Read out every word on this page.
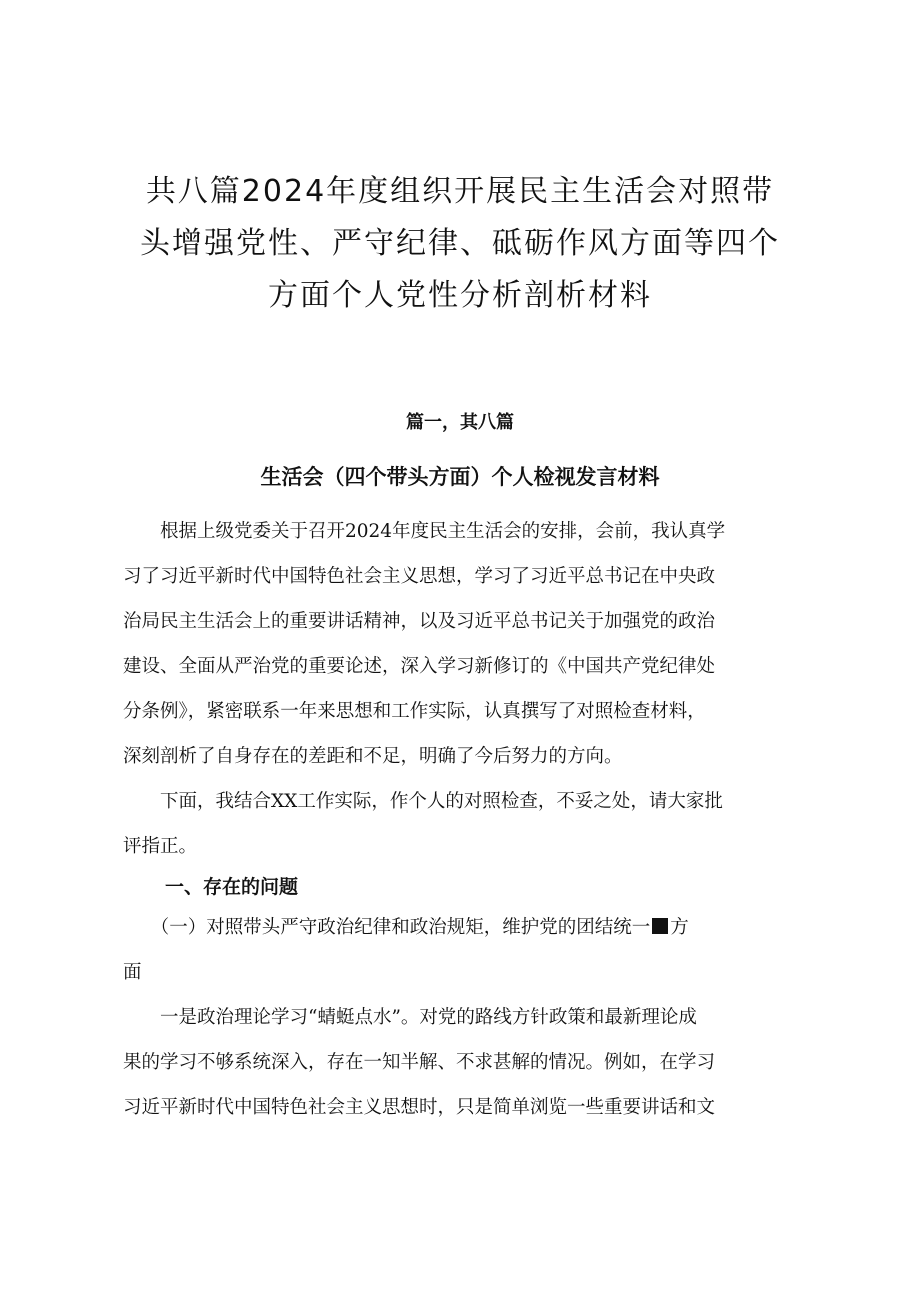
共八篇2024年度组织开展民主生活会对照带
头增强党性、严守纪律、砥砺作风方面等四个
方面个人党性分析剖析材料
篇一，其八篇
生活会（四个带头方面）个人检视发言材料
　　根据上级党委关于召开2024年度民主生活会的安排，会前，我认真学
习了习近平新时代中国特色社会主义思想，学习了习近平总书记在中央政
治局民主生活会上的重要讲话精神，以及习近平总书记关于加强党的政治
建设、全面从严治党的重要论述，深入学习新修订的《中国共产党纪律处
分条例》，紧密联系一年来思想和工作实际，认真撰写了对照检查材料，
深刻剖析了自身存在的差距和不足，明确了今后努力的方向。
　　下面，我结合XX工作实际，作个人的对照检查，不妥之处，请大家批
评指正。
一、存在的问题
　　（一）对照带头严守政治纪律和政治规矩，维护党的团结统一 方
面
　　一是政治理论学习“蜻蜓点水”。对党的路线方针政策和最新理论成
果的学习不够系统深入，存在一知半解、不求甚解的情况。例如，在学习
习近平新时代中国特色社会主义思想时，只是简单浏览一些重要讲话和文
